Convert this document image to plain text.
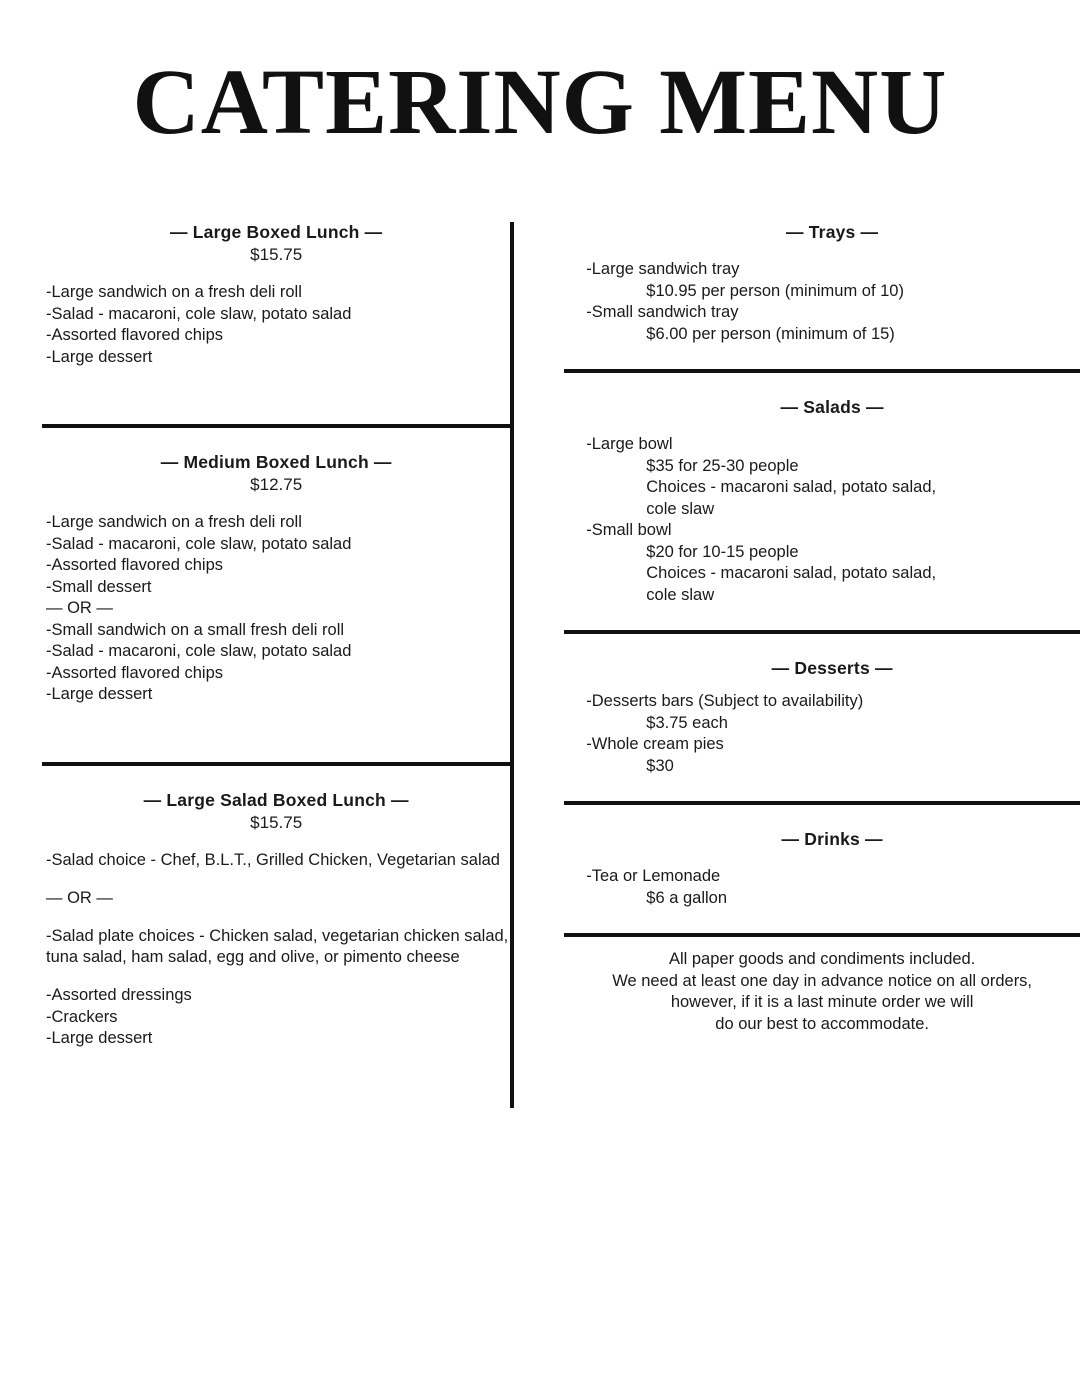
CATERING MENU
— Large Boxed Lunch —
$15.75

-Large sandwich on a fresh deli roll

-Salad - macaroni, cole slaw, potato salad

-Assorted flavored chips

-Large dessert

— Medium Boxed Lunch —
$12.75

-Large sandwich on a fresh deli roll

-Salad - macaroni, cole slaw, potato salad

-Assorted flavored chips

-Small dessert

— OR —

-Small sandwich on a small fresh deli roll

-Salad - macaroni, cole slaw, potato salad

-Assorted flavored chips

-Large dessert

— Large Salad Boxed Lunch —
$15.75

-Salad choice - Chef, B.L.T., Grilled Chicken, Vegetarian salad

— OR —

-Salad plate choices - Chicken salad, vegetarian chicken salad, tuna salad, ham salad, egg and olive, or pimento cheese

-Assorted dressings

-Crackers

-Large dessert

— Trays —

-Large sandwich tray

$10.95 per person (minimum of 10)

-Small sandwich tray

$6.00 per person (minimum of 15)

— Salads —

-Large bowl

$35 for 25-30 people

Choices - macaroni salad, potato salad,

cole slaw

-Small bowl

$20 for 10-15 people

Choices - macaroni salad, potato salad,

cole slaw

— Desserts —

-Desserts bars (Subject to availability)

$3.75 each

-Whole cream pies

$30

— Drinks —

-Tea or Lemonade

$6 a gallon

All paper goods and condiments included.
We need at least one day in advance notice on all orders,
however, if it is a last minute order we will
do our best to accommodate.
